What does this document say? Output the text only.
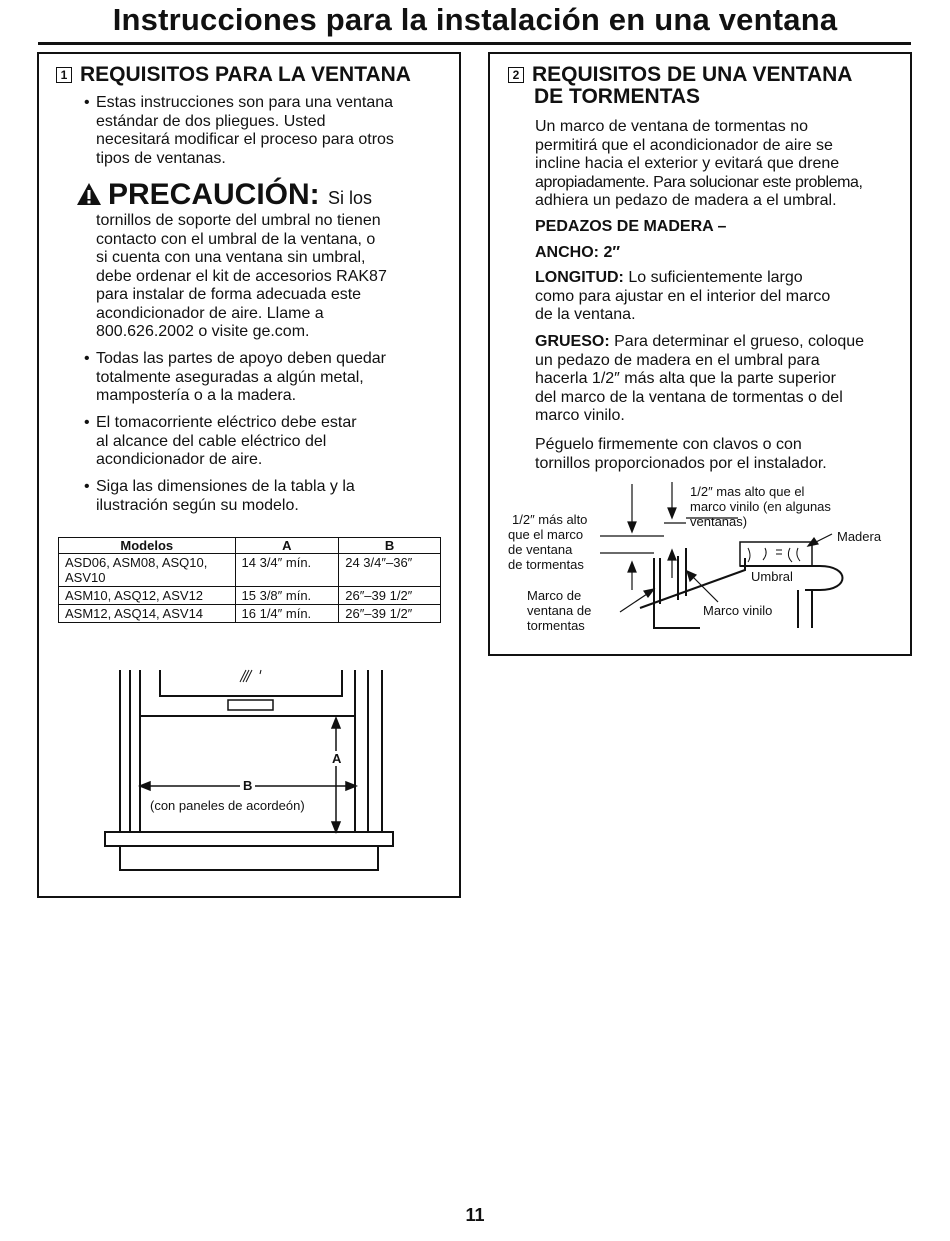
Instrucciones para la instalación en una ventana
1 REQUISITOS PARA LA VENTANA
• Estas instrucciones son para una ventana
estándar de dos pliegues. Usted
necesitará modificar el proceso para otros
tipos de ventanas.
PRECAUCIÓN: Si los
tornillos de soporte del umbral no tienen
contacto con el umbral de la ventana, o
si cuenta con una ventana sin umbral,
debe ordenar el kit de accesorios RAK87
para instalar de forma adecuada este
acondicionador de aire. Llame a
800.626.2002 o visite ge.com.
• Todas las partes de apoyo deben quedar
totalmente aseguradas a algún metal,
mampostería o a la madera.
• El tomacorriente eléctrico debe estar
al alcance del cable eléctrico del
acondicionador de aire.
• Siga las dimensiones de la tabla y la
ilustración según su modelo.
Modelos	A	B
ASD06, ASM08, ASQ10, ASV10	14 3/4″ mín.	24 3/4″–36″
ASM10, ASQ12, ASV12	15 3/8″ mín.	26″–39 1/2″
ASM12, ASQ14, ASV14	16 1/4″ mín.	26″–39 1/2″
A
B
(con paneles de acordeón)
2 REQUISITOS DE UNA VENTANA
DE TORMENTAS
Un marco de ventana de tormentas no
permitirá que el acondicionador de aire se
incline hacia el exterior y evitará que drene
apropiadamente. Para solucionar este problema,
adhiera un pedazo de madera a el umbral.
PEDAZOS DE MADERA –
ANCHO: 2″
LONGITUD: Lo suficientemente largo
como para ajustar en el interior del marco
de la ventana.
GRUESO: Para determinar el grueso, coloque
un pedazo de madera en el umbral para
hacerla 1/2″ más alta que la parte superior
del marco de la ventana de tormentas o del
marco vinilo.
Péguelo firmemente con clavos o con
tornillos proporcionados por el instalador.
1/2″ mas alto que el
marco vinilo (en algunas
ventanas)
1/2″ más alto
que el marco
de ventana
de tormentas
Madera
Umbral
Marco de
ventana de
tormentas
Marco vinilo
11
